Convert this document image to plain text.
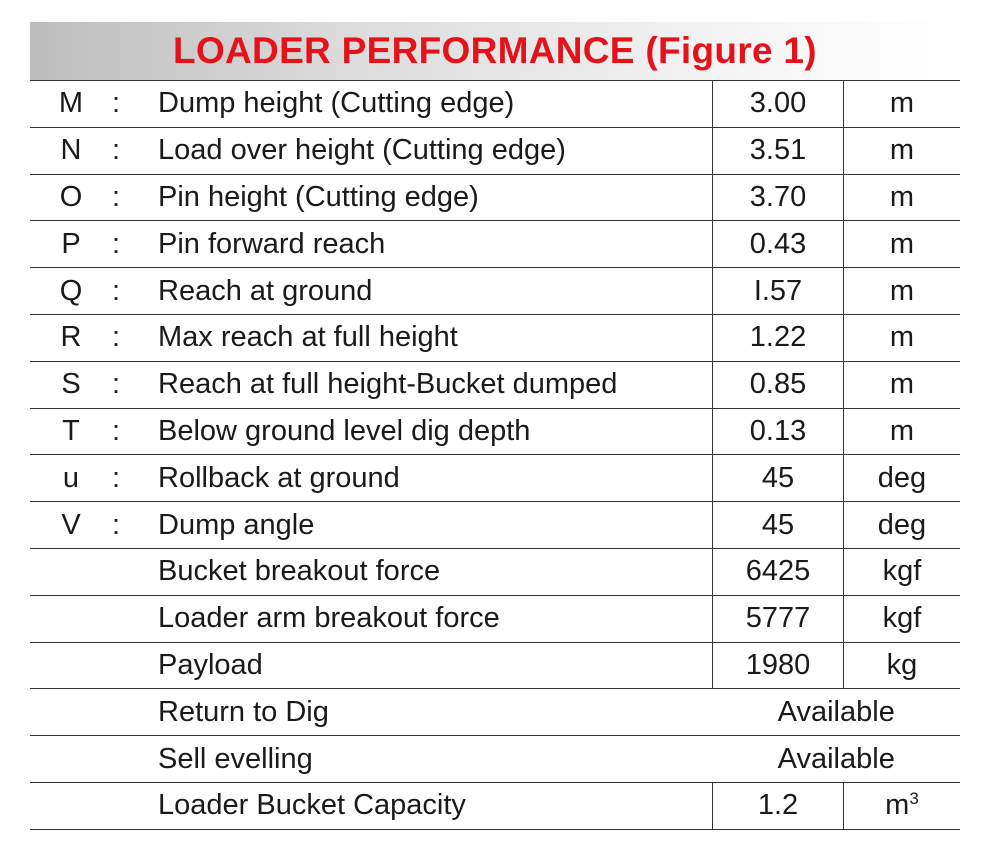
LOADER PERFORMANCE (Figure 1)
M	:	Dump height (Cutting edge)	3.00	m
N	:	Load over height (Cutting edge)	3.51	m
O	:	Pin height (Cutting edge)	3.70	m
P	:	Pin forward reach	0.43	m
Q	:	Reach at ground	I.57	m
R	:	Max reach at full height	1.22	m
S	:	Reach at full height-Bucket dumped	0.85	m
T	:	Below ground level dig depth	0.13	m
u	:	Rollback at ground	45	deg
V	:	Dump angle	45	deg
		Bucket breakout force	6425	kgf
		Loader arm breakout force	5777	kgf
		Payload	1980	kg
		Return to Dig	Available	
		Sell evelling	Available	
		Loader Bucket Capacity	1.2	$m^3$
